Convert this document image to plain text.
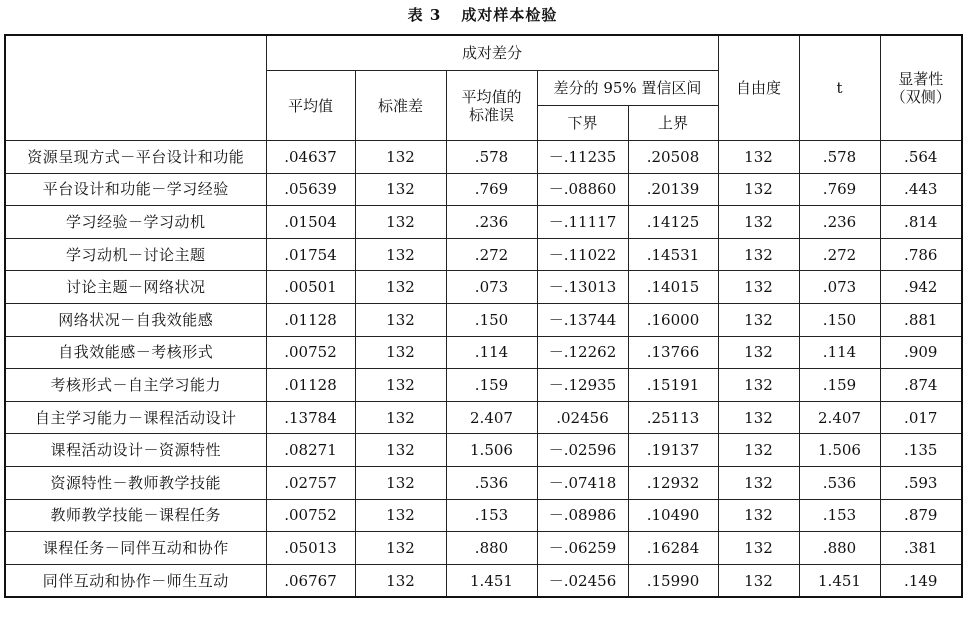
表 3 成对样本检验
	成对差分					自由度	t	显著性
（双侧）

	平均值	标准差	平均值的
标准误	差分的 95% 置信区间				
				下界	上界			
资源呈现方式－平台设计和功能	.04637	132	.578	－.11235	.20508	132	.578	.564
平台设计和功能－学习经验	.05639	132	.769	－.08860	.20139	132	.769	.443
学习经验－学习动机	.01504	132	.236	－.11117	.14125	132	.236	.814
学习动机－讨论主题	.01754	132	.272	－.11022	.14531	132	.272	.786
讨论主题－网络状况	.00501	132	.073	－.13013	.14015	132	.073	.942
网络状况－自我效能感	.01128	132	.150	－.13744	.16000	132	.150	.881
自我效能感－考核形式	.00752	132	.114	－.12262	.13766	132	.114	.909
考核形式－自主学习能力	.01128	132	.159	－.12935	.15191	132	.159	.874
自主学习能力－课程活动设计	.13784	132	2.407	.02456	.25113	132	2.407	.017
课程活动设计－资源特性	.08271	132	1.506	－.02596	.19137	132	1.506	.135
资源特性－教师教学技能	.02757	132	.536	－.07418	.12932	132	.536	.593
教师教学技能－课程任务	.00752	132	.153	－.08986	.10490	132	.153	.879
课程任务－同伴互动和协作	.05013	132	.880	－.06259	.16284	132	.880	.381
同伴互动和协作－师生互动	.06767	132	1.451	－.02456	.15990	132	1.451	.149
